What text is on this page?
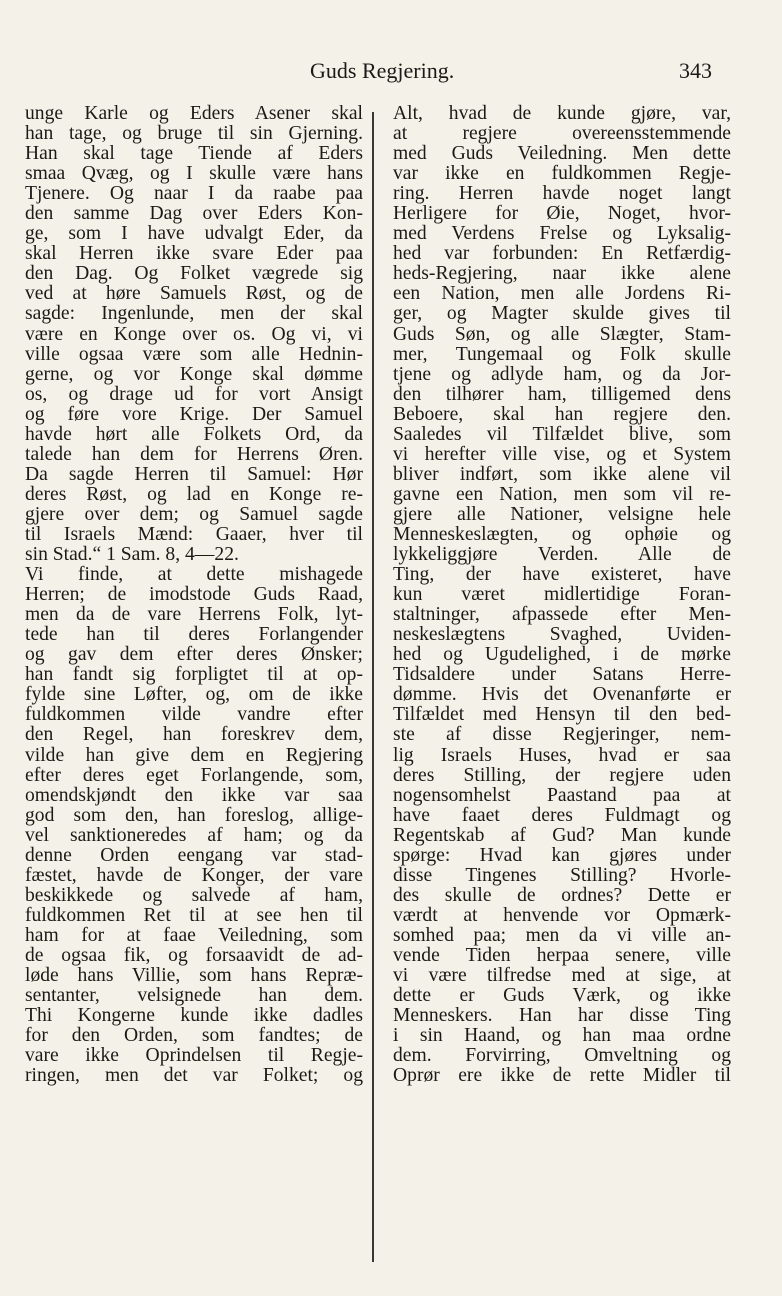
Guds Regjering.	343
unge Karle og Eders Asener skal
han tage, og bruge til sin Gjerning.
Han skal tage Tiende af Eders
smaa Qvæg, og I skulle være hans
Tjenere. Og naar I da raabe paa
den samme Dag over Eders Kon-
ge, som I have udvalgt Eder, da
skal Herren ikke svare Eder paa
den Dag. Og Folket vægrede sig
ved at høre Samuels Røst, og de
sagde: Ingenlunde, men der skal
være en Konge over os. Og vi, vi
ville ogsaa være som alle Hednin-
gerne, og vor Konge skal dømme
os, og drage ud for vort Ansigt
og føre vore Krige. Der Samuel
havde hørt alle Folkets Ord, da
talede han dem for Herrens Øren.
Da sagde Herren til Samuel: Hør
deres Røst, og lad en Konge re-
gjere over dem; og Samuel sagde
til Israels Mænd: Gaaer, hver til
sin Stad.“ 1 Sam. 8, 4—22.
Vi finde, at dette mishagede
Herren; de imodstode Guds Raad,
men da de vare Herrens Folk, lyt-
tede han til deres Forlangender
og gav dem efter deres Ønsker;
han fandt sig forpligtet til at op-
fylde sine Løfter, og, om de ikke
fuldkommen vilde vandre efter
den Regel, han foreskrev dem,
vilde han give dem en Regjering
efter deres eget Forlangende, som,
omendskjøndt den ikke var saa
god som den, han foreslog, allige-
vel sanktioneredes af ham; og da
denne Orden eengang var stad-
fæstet, havde de Konger, der vare
beskikkede og salvede af ham,
fuldkommen Ret til at see hen til
ham for at faae Veiledning, som
de ogsaa fik, og forsaavidt de ad-
løde hans Villie, som hans Repræ-
sentanter, velsignede han dem.
Thi Kongerne kunde ikke dadles
for den Orden, som fandtes; de
vare ikke Oprindelsen til Regje-
ringen, men det var Folket; og
Alt, hvad de kunde gjøre, var,
at regjere overeensstemmende
med Guds Veiledning. Men dette
var ikke en fuldkommen Regje-
ring. Herren havde noget langt
Herligere for Øie, Noget, hvor-
med Verdens Frelse og Lyksalig-
hed var forbunden: En Retfærdig-
heds-Regjering, naar ikke alene
een Nation, men alle Jordens Ri-
ger, og Magter skulde gives til
Guds Søn, og alle Slægter, Stam-
mer, Tungemaal og Folk skulle
tjene og adlyde ham, og da Jor-
den tilhører ham, tilligemed dens
Beboere, skal han regjere den.
Saaledes vil Tilfældet blive, som
vi herefter ville vise, og et System
bliver indført, som ikke alene vil
gavne een Nation, men som vil re-
gjere alle Nationer, velsigne hele
Menneskeslægten, og ophøie og
lykkeliggjøre Verden. Alle de
Ting, der have existeret, have
kun været midlertidige Foran-
staltninger, afpassede efter Men-
neskeslægtens Svaghed, Uviden-
hed og Ugudelighed, i de mørke
Tidsaldere under Satans Herre-
dømme. Hvis det Ovenanførte er
Tilfældet med Hensyn til den bed-
ste af disse Regjeringer, nem-
lig Israels Huses, hvad er saa
deres Stilling, der regjere uden
nogensomhelst Paastand paa at
have faaet deres Fuldmagt og
Regentskab af Gud? Man kunde
spørge: Hvad kan gjøres under
disse Tingenes Stilling? Hvorle-
des skulle de ordnes? Dette er
værdt at henvende vor Opmærk-
somhed paa; men da vi ville an-
vende Tiden herpaa senere, ville
vi være tilfredse med at sige, at
dette er Guds Værk, og ikke
Menneskers. Han har disse Ting
i sin Haand, og han maa ordne
dem. Forvirring, Omveltning og
Oprør ere ikke de rette Midler til
